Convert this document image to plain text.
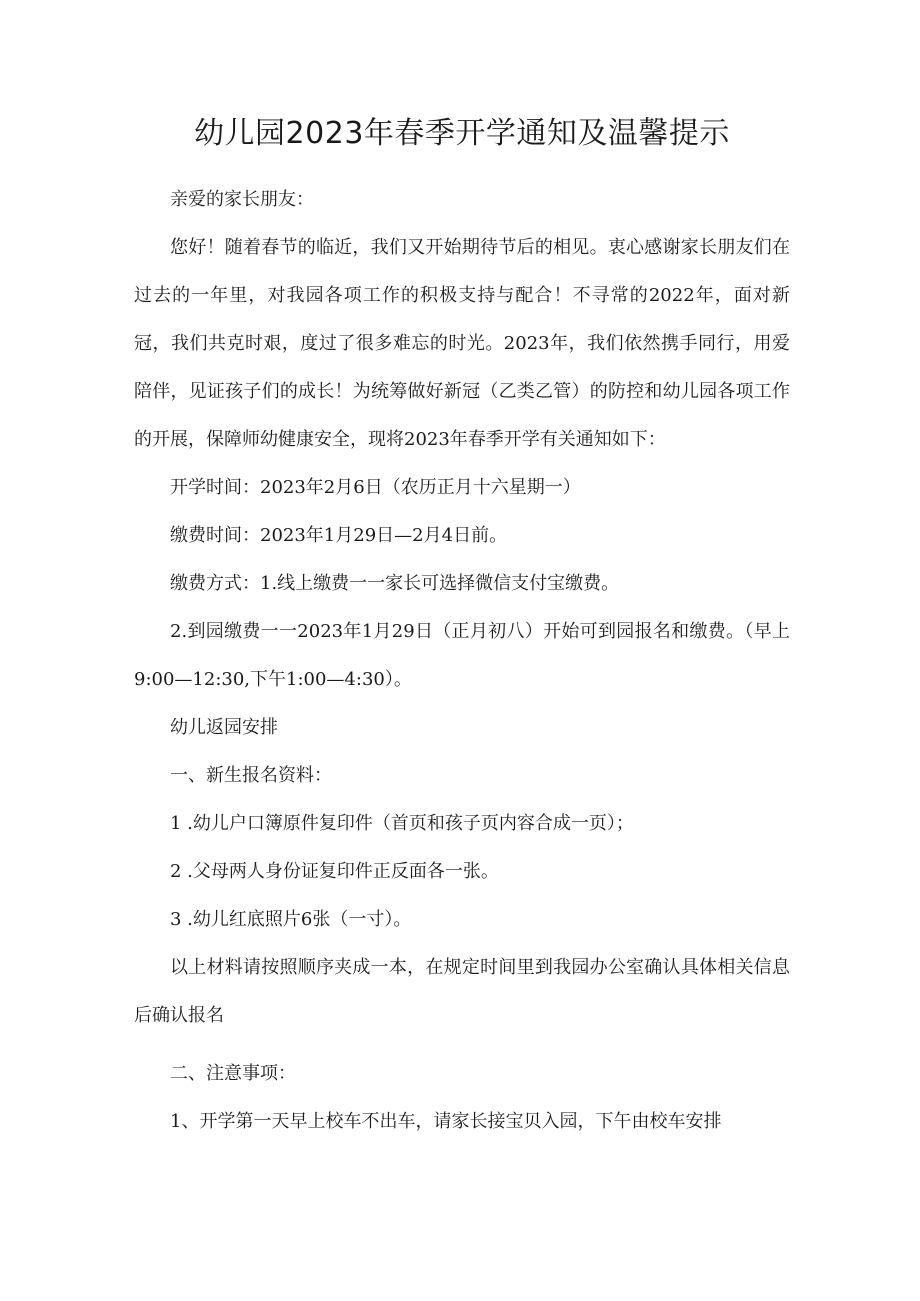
幼儿园2023年春季开学通知及温馨提示

亲爱的家长朋友：

您好！随着春节的临近，我们又开始期待节后的相见。衷心感谢家长朋友们在过去的一年里，对我园各项工作的积极支持与配合！不寻常的2022年，面对新冠，我们共克时艰，度过了很多难忘的时光。2023年，我们依然携手同行，用爱陪伴，见证孩子们的成长！为统筹做好新冠（乙类乙管）的防控和幼儿园各项工作的开展，保障师幼健康安全，现将2023年春季开学有关通知如下：

开学时间：2023年2月6日（农历正月十六星期一）

缴费时间：2023年1月29日—2月4日前。

缴费方式：1.线上缴费一一家长可选择微信支付宝缴费。

2.到园缴费一一2023年1月29日（正月初八）开始可到园报名和缴费。（早上9:00—12:30,下午1:00—4:30）。

幼儿返园安排

一、新生报名资料：

1 .幼儿户口簿原件复印件（首页和孩子页内容合成一页）；

2 .父母两人身份证复印件正反面各一张。

3 .幼儿红底照片6张（一寸）。

以上材料请按照顺序夹成一本，在规定时间里到我园办公室确认具体相关信息后确认报名

二、注意事项：

1、开学第一天早上校车不出车，请家长接宝贝入园，下午由校车安排
